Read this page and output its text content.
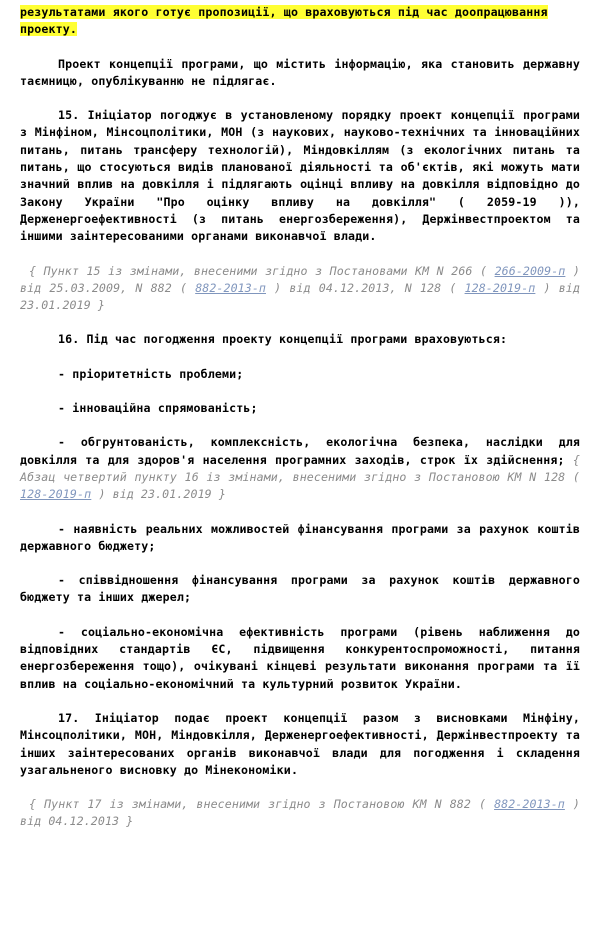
результатами якого готує пропозиції, що враховуються під час доопрацювання проекту.

Проект концепції програми, що містить інформацію, яка становить державну таємницю, опублікуванню не підлягає.

15. Ініціатор погоджує в установленому порядку проект концепції програми з Мінфіном, Мінсоцполітики, МОН (з наукових, науково-технічних та інноваційних питань, питань трансферу технологій), Міндовкіллям (з екологічних питань та питань, що стосуються видів планованої діяльності та об'єктів, які можуть мати значний вплив на довкілля і підлягають оцінці впливу на довкілля відповідно до Закону України "Про оцінку впливу на довкілля" ( 2059-19 )), Держенергоефективності (з питань енергозбереження), Держінвестпроектом та іншими заінтересованими органами виконавчої влади.

{ Пункт 15 із змінами, внесеними згідно з Постановами КМ N 266 ( 266-2009-п ) від 25.03.2009, N 882 ( 882-2013-п ) від 04.12.2013, N 128 ( 128-2019-п ) від 23.01.2019 }

16. Під час погодження проекту концепції програми враховуються:

- пріоритетність проблеми;

- інноваційна спрямованість;

- обгрунтованість, комплексність, екологічна безпека, наслідки для довкілля та для здоров'я населення програмних заходів, строк їх здійснення; { Абзац четвертий пункту 16 із змінами, внесеними згідно з Постановою КМ N 128 ( 128-2019-п ) від 23.01.2019 }

- наявність реальних можливостей фінансування програми за рахунок коштів державного бюджету;

- співвідношення фінансування програми за рахунок коштів державного бюджету та інших джерел;

- соціально-економічна ефективність програми (рівень наближення до відповідних стандартів ЄС, підвищення конкурентоспроможності, питання енергозбереження тощо), очікувані кінцеві результати виконання програми та її вплив на соціально-економічний та культурний розвиток України.

17. Ініціатор подає проект концепції разом з висновками Мінфіну, Мінсоцполітики, МОН, Міндовкілля, Держенергоефективності, Держінвестпроекту та інших заінтересованих органів виконавчої влади для погодження і складення узагальненого висновку до Мінекономіки.

{ Пункт 17 із змінами, внесеними згідно з Постановою КМ N 882 ( 882-2013-п ) від 04.12.2013 }
